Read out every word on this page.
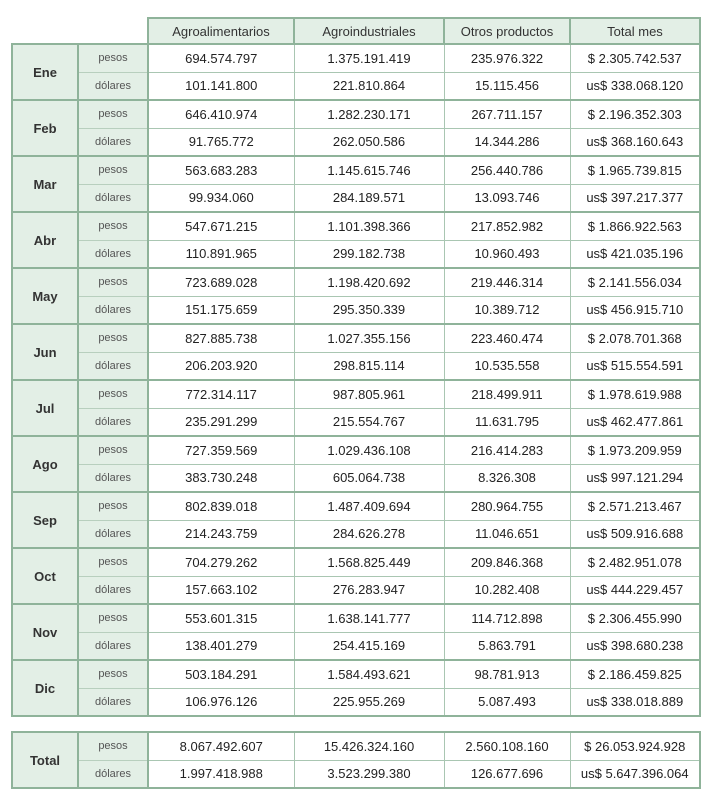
		Agroalimentarios	Agroindustriales	Otros productos	Total mes
Ene	pesos	694.574.797	1.375.191.419	235.976.322	$ 2.305.742.537
	dólares	101.141.800	221.810.864	15.115.456	us$ 338.068.120
Feb	pesos	646.410.974	1.282.230.171	267.711.157	$ 2.196.352.303
	dólares	91.765.772	262.050.586	14.344.286	us$ 368.160.643
Mar	pesos	563.683.283	1.145.615.746	256.440.786	$ 1.965.739.815
	dólares	99.934.060	284.189.571	13.093.746	us$ 397.217.377
Abr	pesos	547.671.215	1.101.398.366	217.852.982	$ 1.866.922.563
	dólares	110.891.965	299.182.738	10.960.493	us$ 421.035.196
May	pesos	723.689.028	1.198.420.692	219.446.314	$ 2.141.556.034
	dólares	151.175.659	295.350.339	10.389.712	us$ 456.915.710
Jun	pesos	827.885.738	1.027.355.156	223.460.474	$ 2.078.701.368
	dólares	206.203.920	298.815.114	10.535.558	us$ 515.554.591
Jul	pesos	772.314.117	987.805.961	218.499.911	$ 1.978.619.988
	dólares	235.291.299	215.554.767	11.631.795	us$ 462.477.861
Ago	pesos	727.359.569	1.029.436.108	216.414.283	$ 1.973.209.959
	dólares	383.730.248	605.064.738	8.326.308	us$ 997.121.294
Sep	pesos	802.839.018	1.487.409.694	280.964.755	$ 2.571.213.467
	dólares	214.243.759	284.626.278	11.046.651	us$ 509.916.688
Oct	pesos	704.279.262	1.568.825.449	209.846.368	$ 2.482.951.078
	dólares	157.663.102	276.283.947	10.282.408	us$ 444.229.457
Nov	pesos	553.601.315	1.638.141.777	114.712.898	$ 2.306.455.990
	dólares	138.401.279	254.415.169	5.863.791	us$ 398.680.238
Dic	pesos	503.184.291	1.584.493.621	98.781.913	$ 2.186.459.825
	dólares	106.976.126	225.955.269	5.087.493	us$ 338.018.889
Total	pesos	8.067.492.607	15.426.324.160	2.560.108.160	$ 26.053.924.928
	dólares	1.997.418.988	3.523.299.380	126.677.696	us$ 5.647.396.064
